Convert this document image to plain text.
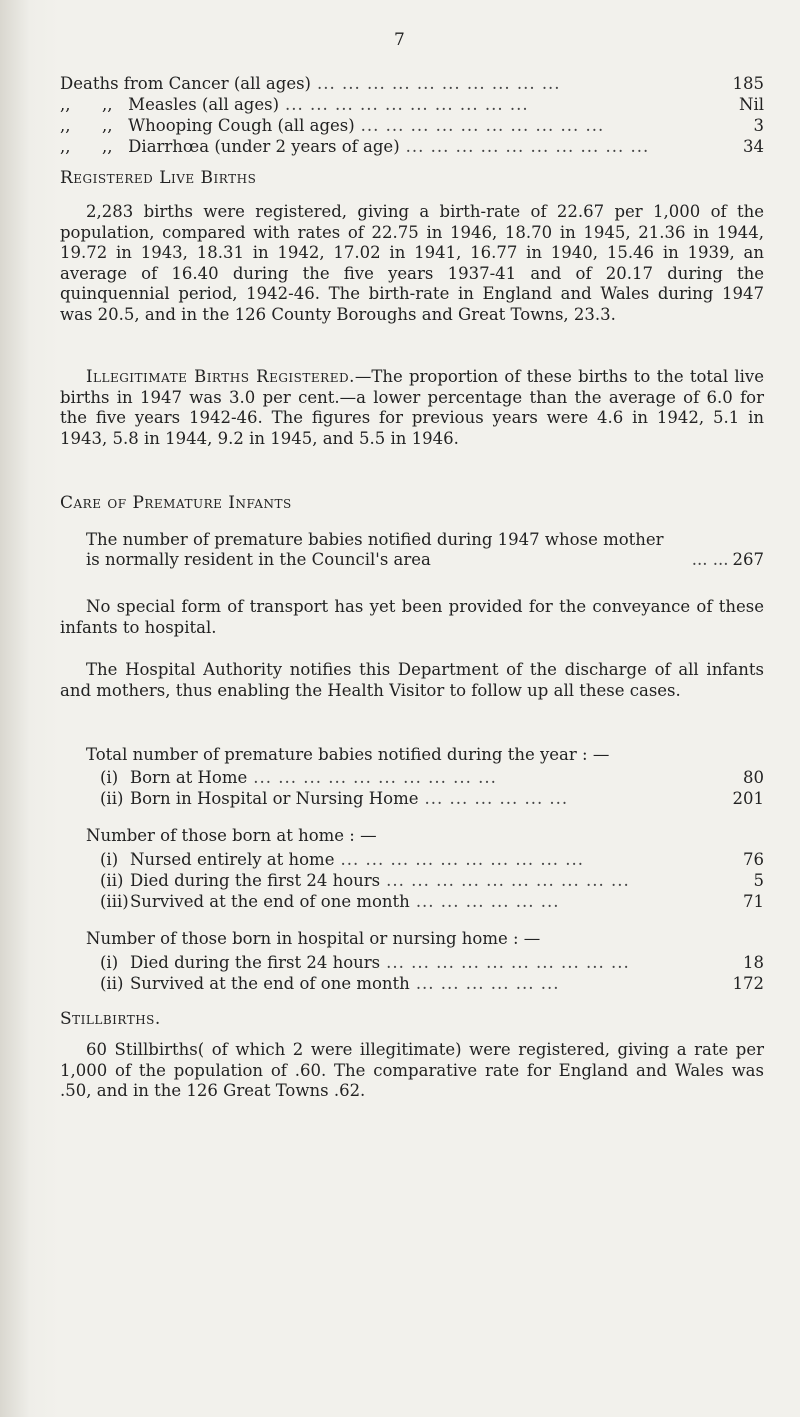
7
Deaths from Cancer (all ages) ... ... ... ... ... ... ... ... ... ...	185
,,      ,,   Measles (all ages) ... ... ... ... ... ... ... ... ... ...	Nil
,,      ,,   Whooping Cough (all ages) ... ... ... ... ... ... ... ... ... ...	3
,,      ,,   Diarrhœa (under 2 years of age) ... ... ... ... ... ... ... ... ... ...	34
Registered Live Births
2,283 births were registered, giving a birth-rate of 22.67 per 1,000 of the population, compared with rates of 22.75 in 1946, 18.70 in 1945, 21.36 in 1944, 19.72 in 1943, 18.31 in 1942, 17.02 in 1941, 16.77 in 1940, 15.46 in 1939, an average of 16.40 during the five years 1937-41 and of 20.17 during the quinquennial period, 1942-46. The birth-rate in England and Wales during 1947 was 20.5, and in the 126 County Boroughs and Great Towns, 23.3.
Illegitimate Births Registered.—The proportion of these births to the total live births in 1947 was 3.0 per cent.—a lower percentage than the average of 6.0 for the five years 1942-46. The figures for previous years were 4.6 in 1942, 5.1 in 1943, 5.8 in 1944, 9.2 in 1945, and 5.5 in 1946.
Care of Premature Infants
The number of premature babies notified during 1947 whose mother is normally resident in the Council's area	... ... 267
No special form of transport has yet been provided for the conveyance of these infants to hospital.
The Hospital Authority notifies this Department of the discharge of all infants and mothers, thus enabling the Health Visitor to follow up all these cases.
Total number of premature babies notified during the year : —
(i) Born at Home ... ... ... ... ... ... ... ... ... ...	80
(ii) Born in Hospital or Nursing Home ... ... ... ... ... ...	201
Number of those born at home : —
(i) Nursed entirely at home ... ... ... ... ... ... ... ... ... ...	76
(ii) Died during the first 24 hours ... ... ... ... ... ... ... ... ... ...	5
(iii)Survived at the end of one month ... ... ... ... ... ...	71
Number of those born in hospital or nursing home : —
(i) Died during the first 24 hours ... ... ... ... ... ... ... ... ... ...	18
(ii) Survived at the end of one month ... ... ... ... ... ...	172
Stillbirths.
60 Stillbirths( of which 2 were illegitimate) were registered, giving a rate per 1,000 of the population of .60. The comparative rate for England and Wales was .50, and in the 126 Great Towns .62.
